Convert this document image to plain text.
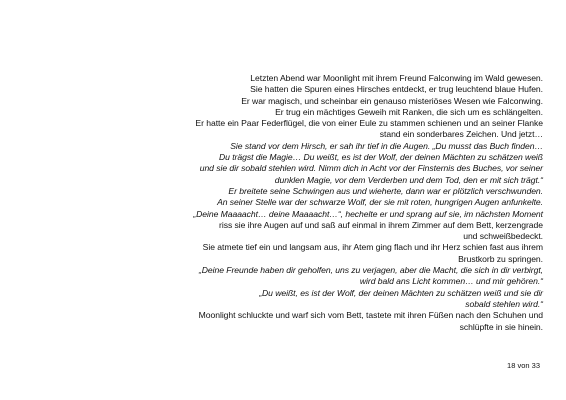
Letzten Abend war Moonlight mit ihrem Freund Falconwing im Wald gewesen.
Sie hatten die Spuren eines Hirsches entdeckt, er trug leuchtend blaue Hufen.
Er war magisch, und scheinbar ein genauso misteriöses Wesen wie Falconwing.
Er trug ein mächtiges Geweih mit Ranken, die sich um es schlängelten.
Er hatte ein Paar Federflügel, die von einer Eule zu stammen schienen und an seiner Flanke
stand ein sonderbares Zeichen. Und jetzt…
Sie stand vor dem Hirsch, er sah ihr tief in die Augen. „Du musst das Buch finden…
Du trägst die Magie… Du weißt, es ist der Wolf, der deinen Mächten zu schätzen weiß
und sie dir sobald stehlen wird. Nimm dich in Acht vor der Finsternis des Buches, vor seiner
dunklen Magie, vor dem Verderben und dem Tod, den er mit sich trägt.“
Er breitete seine Schwingen aus und wieherte, dann war er plötzlich verschwunden.
An seiner Stelle war der schwarze Wolf, der sie mit roten, hungrigen Augen anfunkelte.
„Deine Maaaacht… deine Maaaacht…“, hechelte er und sprang auf sie, im nächsten Moment
riss sie ihre Augen auf und saß auf einmal in ihrem Zimmer auf dem Bett, kerzengrade
und schweißbedeckt.
Sie atmete tief ein und langsam aus, ihr Atem ging flach und ihr Herz schien fast aus ihrem
Brustkorb zu springen.
„Deine Freunde haben dir geholfen, uns zu verjagen, aber die Macht, die sich in dir verbirgt,
wird bald ans Licht kommen… und mir gehören.“
„Du weißt, es ist der Wolf, der deinen Mächten zu schätzen weiß und sie dir
sobald stehlen wird.“
Moonlight schluckte und warf sich vom Bett, tastete mit ihren Füßen nach den Schuhen und
schlüpfte in sie hinein.
18 von 33
